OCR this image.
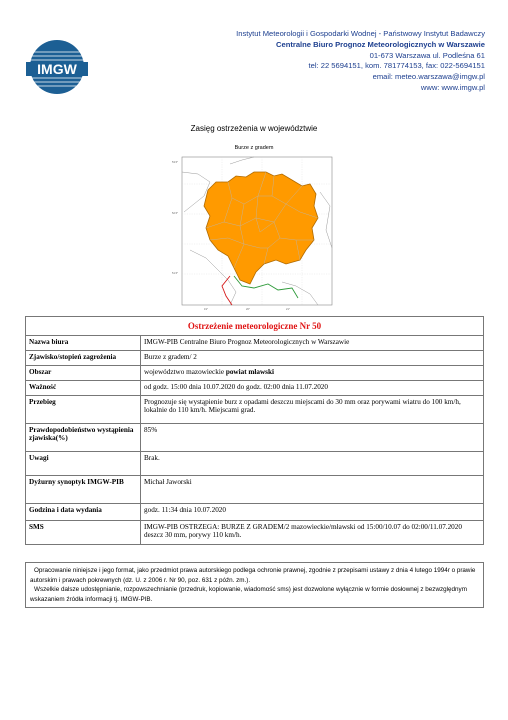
IMGW
Instytut Meteorologii i Gospodarki Wodnej - Państwowy Instytut Badawczy
Centralne Biuro Prognoz Meteorologicznych w Warszawie
01-673 Warszawa ul. Podleśna 61
tel: 22 5694151, kom. 781774153, fax: 022-5694151
email: meteo.warszawa@imgw.pl
www: www.imgw.pl
Zasięg ostrzeżenia w województwie
Burze z gradem
53.5°
52.5°
51.5°
19°	20°	21°
Ostrzeżenie meteorologiczne Nr 50	
Nazwa biura	IMGW-PIB Centralne Biuro Prognoz Meteorologicznych w Warszawie
Zjawisko/stopień zagrożenia	Burze z gradem/ 2
Obszar	województwo mazowieckie powiat mławski
Ważność	od godz. 15:00 dnia 10.07.2020 do godz. 02:00 dnia 11.07.2020
Przebieg	Prognozuje się wystąpienie burz z opadami deszczu miejscami do 30 mm oraz porywami wiatru do 100 km/h, lokalnie do 110 km/h. Miejscami grad.
Prawdopodobieństwo wystąpienia zjawiska(%)	85%
Uwagi	Brak.
Dyżurny synoptyk IMGW-PIB	Michał Jaworski
Godzina i data wydania	godz. 11:34 dnia 10.07.2020
SMS	IMGW-PIB OSTRZEGA: BURZE Z GRADEM/2 mazowieckie/mławski od 15:00/10.07 do 02:00/11.07.2020 deszcz 30 mm, porywy 110 km/h.
Opracowanie niniejsze i jego format, jako przedmiot prawa autorskiego podlega ochronie prawnej, zgodnie z przepisami ustawy z dnia 4 lutego 1994r o prawie autorskim i prawach pokrewnych (dz. U. z 2006 r. Nr 90, poz. 631 z późn. zm.).
Wszelkie dalsze udostępnianie, rozpowszechnianie (przedruk, kopiowanie, wiadomość sms) jest dozwolone wyłącznie w formie dosłownej z bezwzględnym wskazaniem źródła informacji tj. IMGW-PIB.
